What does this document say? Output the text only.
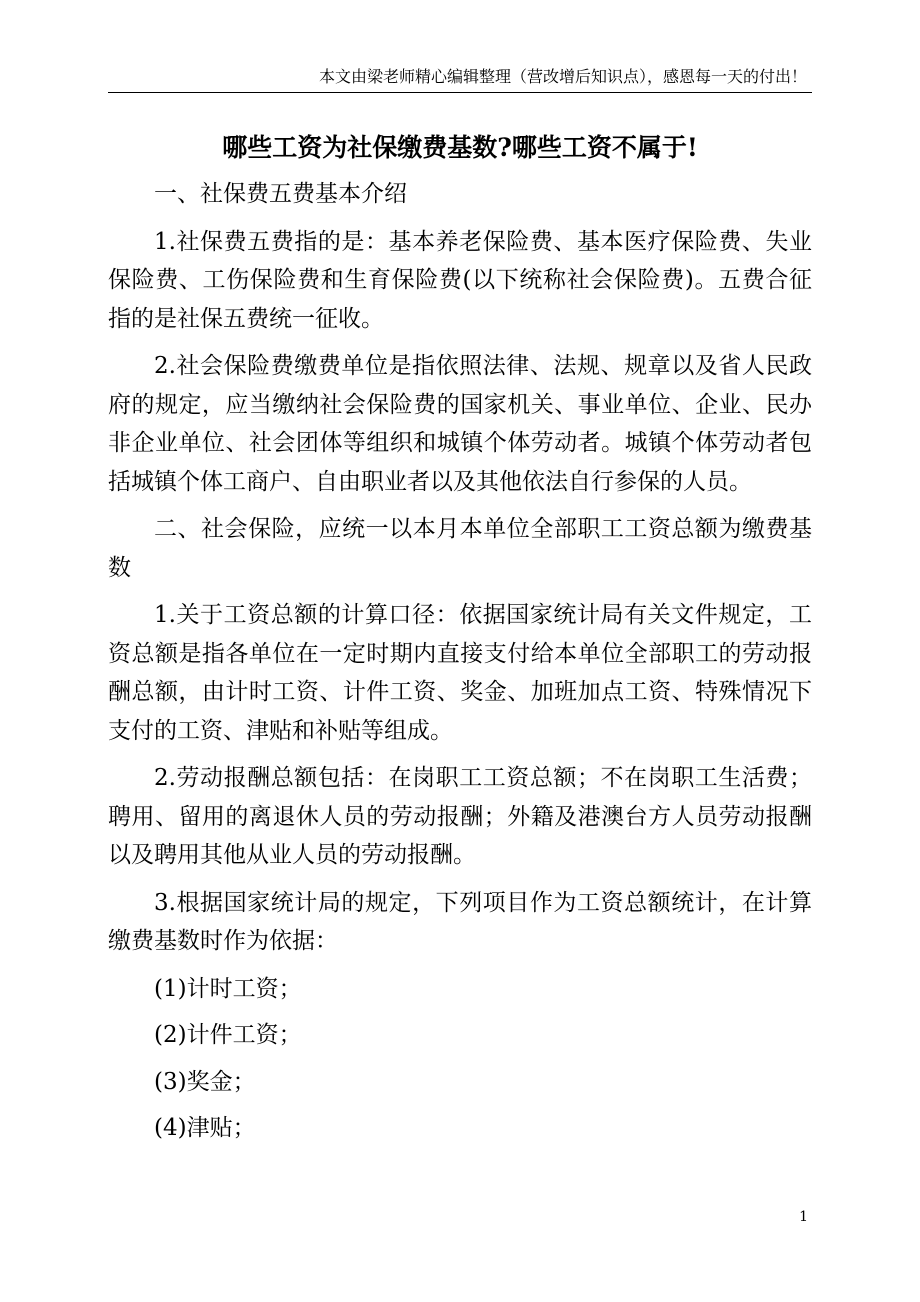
本文由梁老师精心编辑整理（营改增后知识点），感恩每一天的付出！
哪些工资为社保缴费基数?哪些工资不属于!

一、社保费五费基本介绍

1.社保费五费指的是：基本养老保险费、基本医疗保险费、失业保险费、工伤保险费和生育保险费(以下统称社会保险费)。五费合征指的是社保五费统一征收。

2.社会保险费缴费单位是指依照法律、法规、规章以及省人民政府的规定，应当缴纳社会保险费的国家机关、事业单位、企业、民办非企业单位、社会团体等组织和城镇个体劳动者。城镇个体劳动者包括城镇个体工商户、自由职业者以及其他依法自行参保的人员。

二、社会保险，应统一以本月本单位全部职工工资总额为缴费基数

1.关于工资总额的计算口径：依据国家统计局有关文件规定，工资总额是指各单位在一定时期内直接支付给本单位全部职工的劳动报酬总额，由计时工资、计件工资、奖金、加班加点工资、特殊情况下支付的工资、津贴和补贴等组成。

2.劳动报酬总额包括：在岗职工工资总额；不在岗职工生活费；聘用、留用的离退休人员的劳动报酬；外籍及港澳台方人员劳动报酬以及聘用其他从业人员的劳动报酬。

3.根据国家统计局的规定，下列项目作为工资总额统计，在计算缴费基数时作为依据：

(1)计时工资；

(2)计件工资；

(3)奖金；

(4)津贴；

1
